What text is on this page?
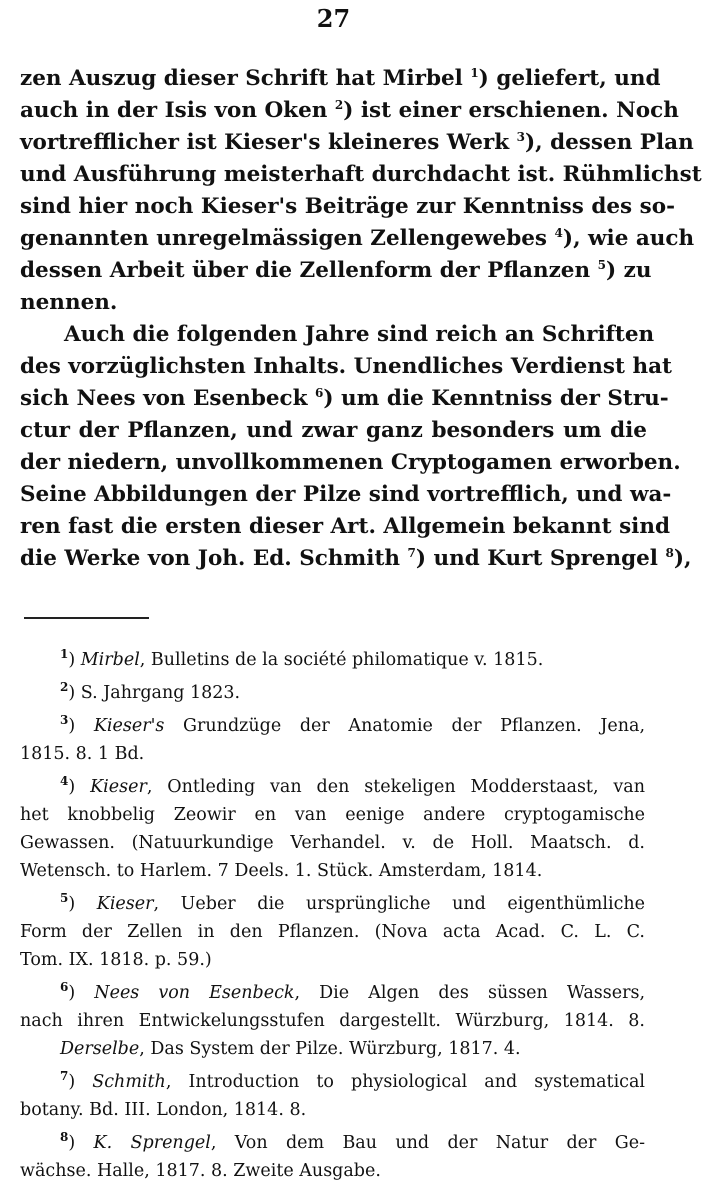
27
zen Auszug dieser Schrift hat Mirbel $^1$) geliefert, und
auch in der Isis von Oken $^2$) ist einer erschienen. Noch
vortrefflicher ist Kieser's kleineres Werk $^3$), dessen Plan
und Ausführung meisterhaft durchdacht ist. Rühmlichst
sind hier noch Kieser's Beiträge zur Kenntniss des so-
genannten unregelmässigen Zellengewebes $^4$), wie auch
dessen Arbeit über die Zellenform der Pflanzen $^5$) zu
nennen.
Auch die folgenden Jahre sind reich an Schriften
des vorzüglichsten Inhalts. Unendliches Verdienst hat
sich Nees von Esenbeck $^6$) um die Kenntniss der Stru-
ctur der Pflanzen, und zwar ganz besonders um die
der niedern, unvollkommenen Cryptogamen erworben.
Seine Abbildungen der Pilze sind vortrefflich, und wa-
ren fast die ersten dieser Art. Allgemein bekannt sind
die Werke von Joh. Ed. Schmith $^7$) und Kurt Sprengel $^8$),
$^1$) Mirbel, Bulletins de la société philomatique v. 1815.
$^2$) S. Jahrgang 1823.
$^3$) Kieser's Grundzüge der Anatomie der Pflanzen. Jena,
1815. 8. 1 Bd.
$^4$) Kieser, Ontleding van den stekeligen Modderstaast, van
het knobbelig Zeowir en van eenige andere cryptogamische
Gewassen. (Natuurkundige Verhandel. v. de Holl. Maatsch. d.
Wetensch. to Harlem. 7 Deels. 1. Stück. Amsterdam, 1814.
$^5$) Kieser, Ueber die ursprüngliche und eigenthümliche
Form der Zellen in den Pflanzen. (Nova acta Acad. C. L. C.
Tom. IX. 1818. p. 59.)
$^6$) Nees von Esenbeck, Die Algen des süssen Wassers,
nach ihren Entwickelungsstufen dargestellt. Würzburg, 1814. 8.
Derselbe, Das System der Pilze. Würzburg, 1817. 4.
$^7$) Schmith, Introduction to physiological and systematical
botany. Bd. III. London, 1814. 8.
$^8$) K. Sprengel, Von dem Bau und der Natur der Ge-
wächse. Halle, 1817. 8. Zweite Ausgabe.
